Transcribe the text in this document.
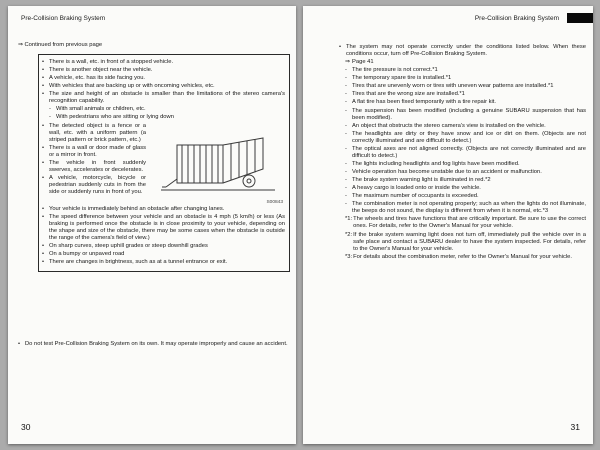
Pre-Collision Braking System
⇒ Continued from previous page
• There is a wall, etc. in front of a stopped vehicle.
• There is another object near the vehicle.
• A vehicle, etc. has its side facing you.
• With vehicles that are backing up or with oncoming vehicles, etc.
• The size and height of an obstacle is smaller than the limitations of the stereo camera's recognition capability.
- With small animals or children, etc.
- With pedestrians who are sitting or lying down
• The detected object is a fence or a wall, etc. with a uniform pattern (a striped pattern or brick pattern, etc.)
• There is a wall or door made of glass or a mirror in front.
• The vehicle in front suddenly swerves, accelerates or decelerates.
• A vehicle, motorcycle, bicycle or pedestrian suddenly cuts in from the side or suddenly runs in front of you.
S00843
• Your vehicle is immediately behind an obstacle after changing lanes.
• The speed difference between your vehicle and an obstacle is 4 mph (5 km/h) or less (As braking is performed once the obstacle is in close proximity to your vehicle, depending on the shape and size of the obstacle, there may be some cases when the obstacle is outside the range of the camera's field of view.)
• On sharp curves, steep uphill grades or steep downhill grades
• On a bumpy or unpaved road
• There are changes in brightness, such as at a tunnel entrance or exit.
• Do not test Pre-Collision Braking System on its own. It may operate improperly and cause an accident.
30
Pre-Collision Braking System
• The system may not operate correctly under the conditions listed below. When these conditions occur, turn off Pre-Collision Braking System.
⇒ Page 41
- The tire pressure is not correct.*1
- The temporary spare tire is installed.*1
- Tires that are unevenly worn or tires with uneven wear patterns are installed.*1
- Tires that are the wrong size are installed.*1
- A flat tire has been fixed temporarily with a tire repair kit.
- The suspension has been modified (including a genuine SUBARU suspension that has been modified).
- An object that obstructs the stereo camera's view is installed on the vehicle.
- The headlights are dirty or they have snow and ice or dirt on them. (Objects are not correctly illuminated and are difficult to detect.)
- The optical axes are not aligned correctly. (Objects are not correctly illuminated and are difficult to detect.)
- The lights including headlights and fog lights have been modified.
- Vehicle operation has become unstable due to an accident or malfunction.
- The brake system warning light is illuminated in red.*2
- A heavy cargo is loaded onto or inside the vehicle.
- The maximum number of occupants is exceeded.
- The combination meter is not operating properly; such as when the lights do not illuminate, the beeps do not sound, the display is different from when it is normal, etc.*3
*1: The wheels and tires have functions that are critically important. Be sure to use the correct ones. For details, refer to the Owner's Manual for your vehicle.
*2: If the brake system warning light does not turn off, immediately pull the vehicle over in a safe place and contact a SUBARU dealer to have the system inspected. For details, refer to the Owner's Manual for your vehicle.
*3: For details about the combination meter, refer to the Owner's Manual for your vehicle.
31
